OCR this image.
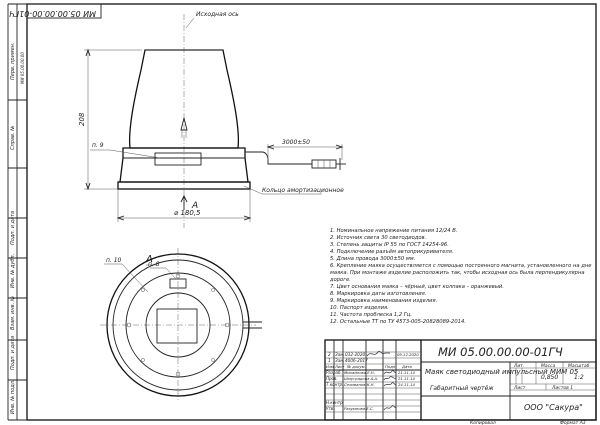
Перв. примен. МИ 05.00.00.00
Справ. №
Подп. и дата
Инв. № дубл.
Взам. инв. №
Подп. и дата
Инв. № подл.
МИ 05.00.00.00-01ГЧ	Исходная ось
п. 9
208
⌀ 180,5
А
3000±50
Кольцо амортизационное
А
п. 8
п. 10
1. Номинальное напряжение питания 12/24 В.
2. Источник света 30 светодиодов.
3. Степень защиты IP 55 по ГОСТ 14254-96.
4. Подключение разъём автоприкуривателя.
5. Длина провода 3000±50 мм.
6. Крепление маяка осуществляется с помощью постоянного магнита, установленного на дне
маяка. При монтаже изделие расположить так, чтобы исходная ось была перпендикулярна
дороге.
7. Цвет основания маяка – чёрный, цвет колпака – оранжевый.
8. Маркировка даты изготовления.
9. Маркировка наименования изделия.
10. Паспорт изделия.
11. Частота проблеска 1,2 Гц.
12. Остальные ТТ по ТУ 4573-005-20828089-2014.
2 Зам. 032-2020	09.12.2020
1 Зам. 4006-2017
Изм. Лист № докум.	Подп. Дата
Разраб. Михайлова Е.Н.	21.11.14
Пров. Шмуградова А.А.	21.11.14
Т.контр. Селиванов К.Н.	24.11.14
Н.контр.
Утв.	Разумнова Е.С.
МИ 05.00.00.00-01ГЧ
Маяк светодиодный импульсный МИМ 05
Габаритный чертёж
Лит.	Масса	Масштаб
0,850	1:2
Лист	Листов 1
ООО "Сакура"
Копировал	Формат А3
